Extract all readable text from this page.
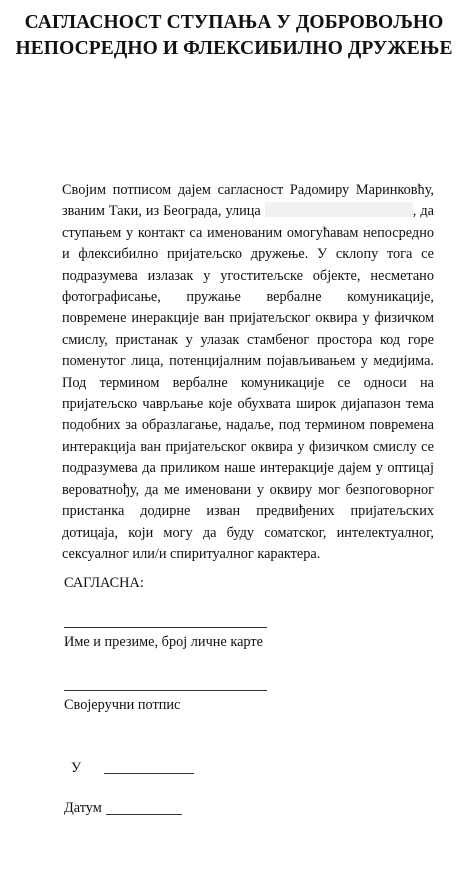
САГЛАСНОСТ СТУПАЊА У ДОБРОВОЉНО
НЕПОСРЕДНО И ФЛЕКСИБИЛНО ДРУЖЕЊЕ
Својим потписом дајем сагласност Радомиру Маринковћу, званим Таки, из Београда, улица	, да ступањем у контакт са именованим омогућавам непосредно и флексибилно пријатељско дружење. У склопу тога се подразумева излазак у угоститељске објекте, несметано фотографисање, пружање вербалне комуникације, повремене инеракције ван пријатељског оквира у физичком смислу, пристанак у улазак стамбеног простора код горе поменутог лица, потенцијалним појављивањем у медијима. Под термином вербалне комуникације се односи на пријатељско чаврљање које обухвата широк дијапазон тема подобних за образлагање, надаље, под термином повремена интеракција ван пријатељског оквира у физичком смислу се подразумева да приликом наше интеракције дајем у оптицај вероватнођу, да ме именовани у оквиру мог безпоговорног пристанка додирне изван предвиђених пријатељских дотицаја, који могу да буду соматског, интелектуалног, сексуалног или/и спиритуалног карактера.
САГЛАСНА:
Име и презиме, број личне карте
Својеручни потпис
У
Датум
